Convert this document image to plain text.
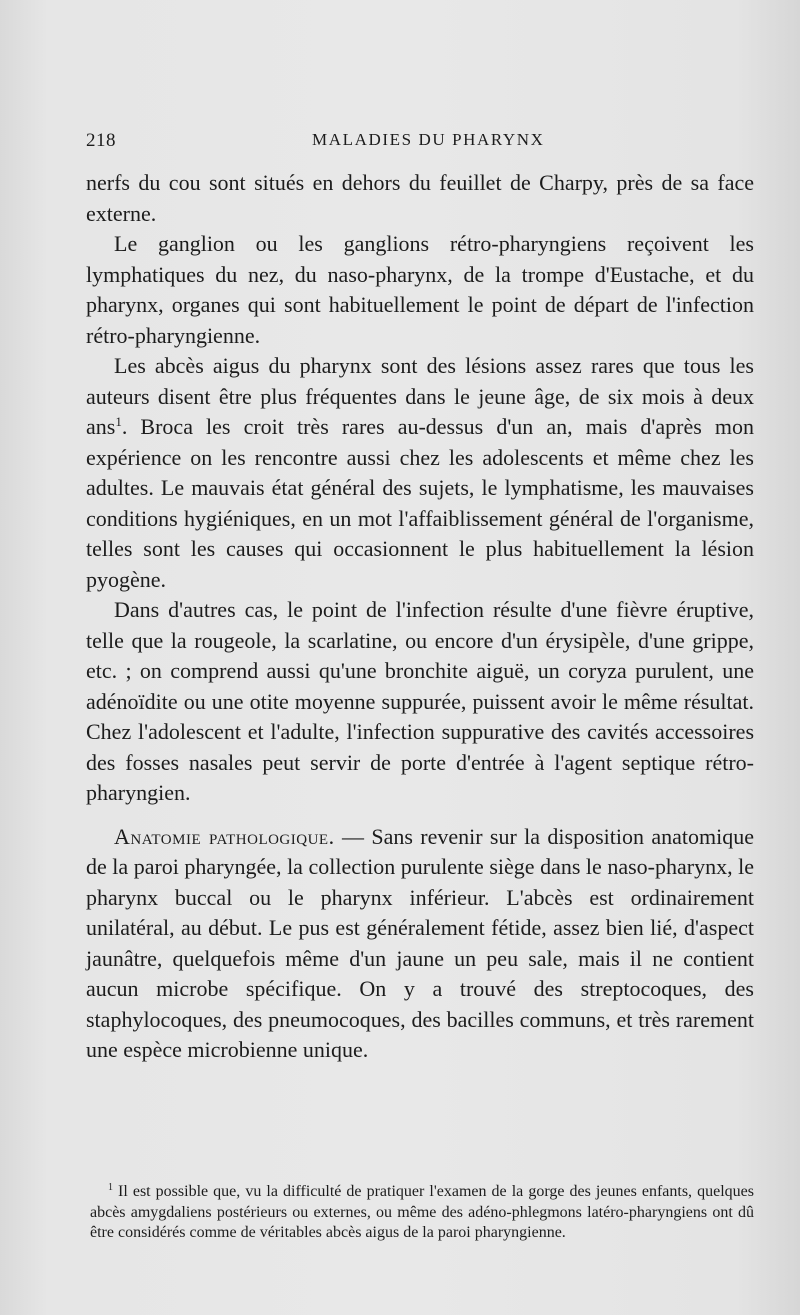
218	MALADIES DU PHARYNX

nerfs du cou sont situés en dehors du feuillet de Charpy, près de sa face externe.

Le ganglion ou les ganglions rétro-pharyngiens reçoivent les lymphatiques du nez, du naso-pharynx, de la trompe d'Eustache, et du pharynx, organes qui sont habituellement le point de départ de l'infection rétro-pharyngienne.

Les abcès aigus du pharynx sont des lésions assez rares que tous les auteurs disent être plus fréquentes dans le jeune âge, de six mois à deux ans$^1$. Broca les croit très rares au-dessus d'un an, mais d'après mon expérience on les rencontre aussi chez les adolescents et même chez les adultes. Le mauvais état général des sujets, le lymphatisme, les mauvaises conditions hygiéniques, en un mot l'affaiblissement général de l'organisme, telles sont les causes qui occasionnent le plus habituellement la lésion pyogène.

Dans d'autres cas, le point de l'infection résulte d'une fièvre éruptive, telle que la rougeole, la scarlatine, ou encore d'un érysipèle, d'une grippe, etc. ; on comprend aussi qu'une bronchite aiguë, un coryza purulent, une adénoïdite ou une otite moyenne suppurée, puissent avoir le même résultat. Chez l'adolescent et l'adulte, l'infection suppurative des cavités accessoires des fosses nasales peut servir de porte d'entrée à l'agent septique rétro-pharyngien.

Anatomie pathologique. — Sans revenir sur la disposition anatomique de la paroi pharyngée, la collection purulente siège dans le naso-pharynx, le pharynx buccal ou le pharynx inférieur. L'abcès est ordinairement unilatéral, au début. Le pus est généralement fétide, assez bien lié, d'aspect jaunâtre, quelquefois même d'un jaune un peu sale, mais il ne contient aucun microbe spécifique. On y a trouvé des streptocoques, des staphylocoques, des pneumocoques, des bacilles communs, et très rarement une espèce microbienne unique.

$^1$ Il est possible que, vu la difficulté de pratiquer l'examen de la gorge des jeunes enfants, quelques abcès amygdaliens postérieurs ou externes, ou même des adéno-phlegmons latéro-pharyngiens ont dû être considérés comme de véritables abcès aigus de la paroi pharyngienne.
